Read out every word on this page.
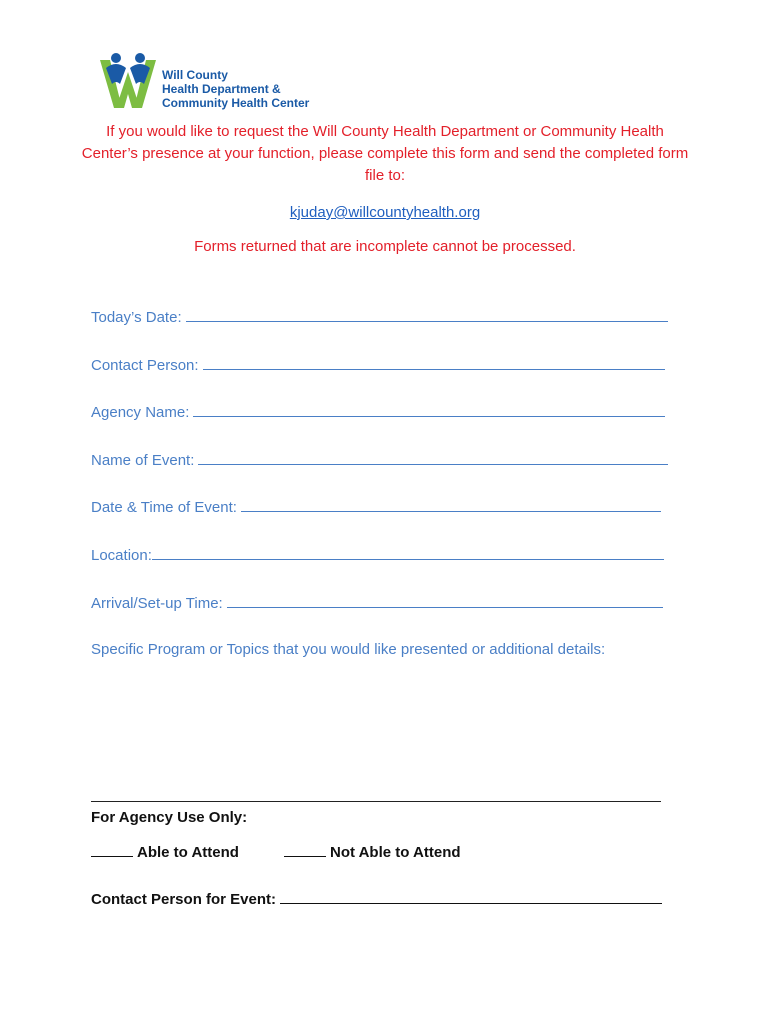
Will County
Health Department &
Community Health Center
If you would like to request the Will County Health Department or Community Health Center’s presence at your function, please complete this form and send the completed form file to:
kjuday@willcountyhealth.org
Forms returned that are incomplete cannot be processed.
Today’s Date:
Contact Person:
Agency Name:
Name of Event:
Date & Time of Event:
Location:
Arrival/Set-up Time:
Specific Program or Topics that you would like presented or additional details:
For Agency Use Only:
Able to Attend	Not Able to Attend
Contact Person for Event:
